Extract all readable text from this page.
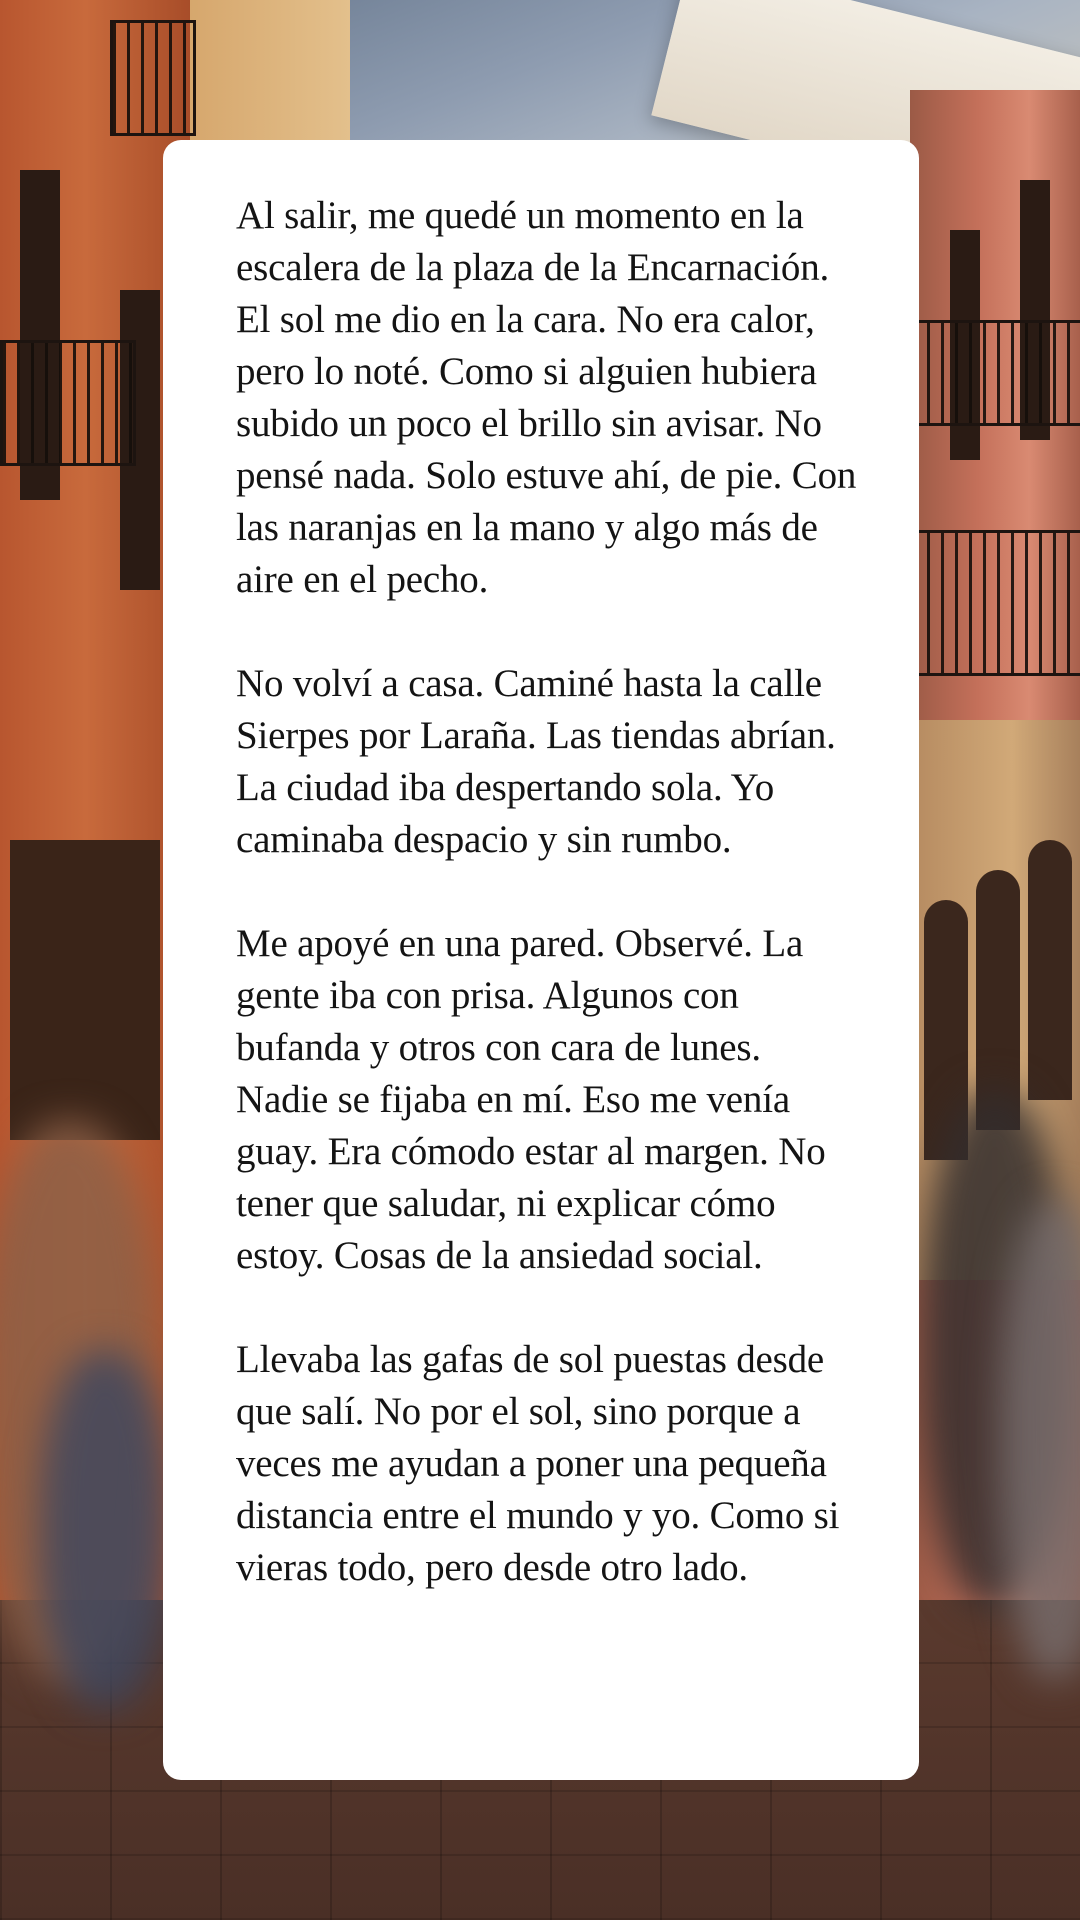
Al salir, me quedé un momento en la escalera de la plaza de la Encarnación. El sol me dio en la cara. No era calor, pero lo noté. Como si alguien hubiera subido un poco el brillo sin avisar. No pensé nada. Solo estuve ahí, de pie. Con las naranjas en la mano y algo más de aire en el pecho.

No volví a casa. Caminé hasta la calle Sierpes por Laraña. Las tiendas abrían. La ciudad iba despertando sola. Yo caminaba despacio y sin rumbo.

Me apoyé en una pared. Observé. La gente iba con prisa. Algunos con bufanda y otros con cara de lunes. Nadie se fijaba en mí. Eso me venía guay. Era cómodo estar al margen. No tener que saludar, ni explicar cómo estoy. Cosas de la ansiedad social.

Llevaba las gafas de sol puestas desde que salí. No por el sol, sino porque a veces me ayudan a poner una pequeña distancia entre el mundo y yo. Como si vieras todo, pero desde otro lado.
